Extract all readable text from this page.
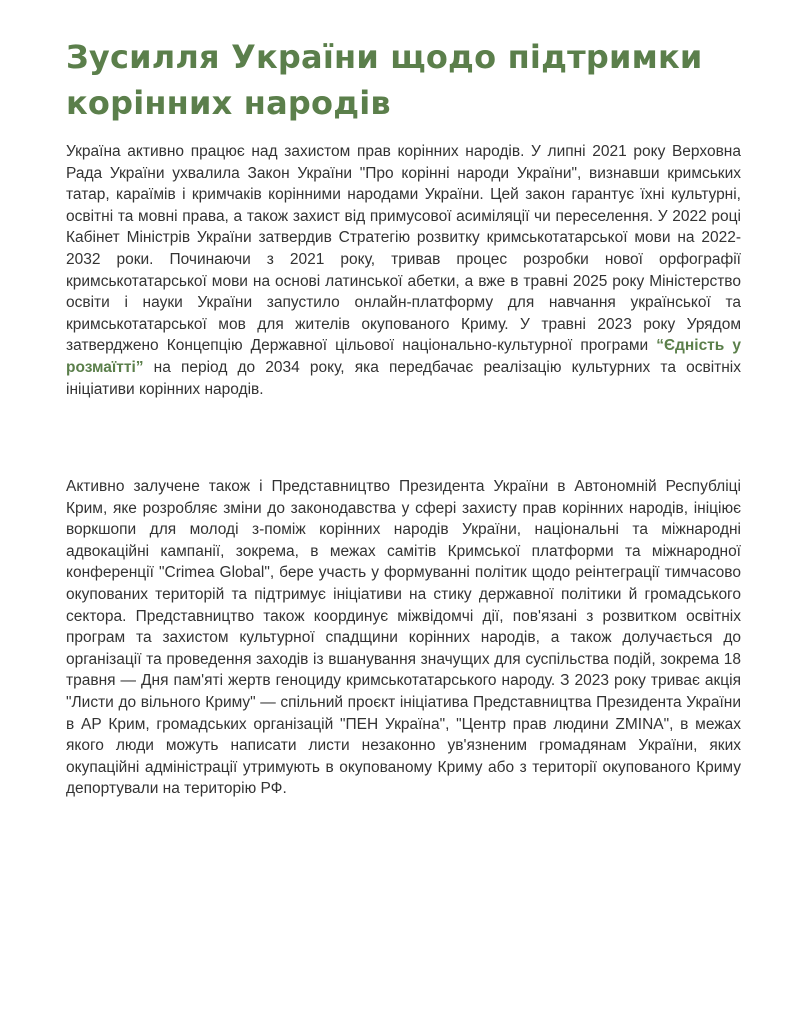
Зусилля України щодо підтримки корінних народів

Україна активно працює над захистом прав корінних народів. У липні 2021 року Верховна Рада України ухвалила Закон України "Про корінні народи України", визнавши кримських татар, караїмів і кримчаків корінними народами України. Цей закон гарантує їхні культурні, освітні та мовні права, а також захист від примусової асиміляції чи переселення. У 2022 році Кабінет Міністрів України затвердив Стратегію розвитку кримськотатарської мови на 2022-2032 роки. Починаючи з 2021 року, тривав процес розробки нової орфографії кримськотатарської мови на основі латинської абетки, а вже в травні 2025 року Міністерство освіти і науки України запустило онлайн-платформу для навчання української та кримськотатарської мов для жителів окупованого Криму. У травні 2023 року Урядом затверджено Концепцію Державної цільової національно-культурної програми “Єдність у розмаїтті” на період до 2034 року, яка передбачає реалізацію культурних та освітніх ініціативи корінних народів.

Активно залучене також і Представництво Президента України в Автономній Республіці Крим, яке розробляє зміни до законодавства у сфері захисту прав корінних народів, ініціює воркшопи для молоді з-поміж корінних народів України, національні та міжнародні адвокаційні кампанії, зокрема, в межах самітів Кримської платформи та міжнародної конференції "Crimea Global", бере участь у формуванні політик щодо реінтеграції тимчасово окупованих територій та підтримує ініціативи на стику державної політики й громадського сектора. Представництво також координує міжвідомчі дії, пов'язані з розвитком освітніх програм та захистом культурної спадщини корінних народів, а також долучається до організації та проведення заходів із вшанування значущих для суспільства подій, зокрема 18 травня — Дня пам'яті жертв геноциду кримськотатарського народу. З 2023 року триває акція "Листи до вільного Криму" — спільний проєкт ініціатива Представництва Президента України в АР Крим, громадських організацій "ПЕН Україна", "Центр прав людини ZMINA", в межах якого люди можуть написати листи незаконно ув'язненим громадянам України, яких окупаційні адміністрації утримують в окупованому Криму або з території окупованого Криму депортували на територію РФ.
